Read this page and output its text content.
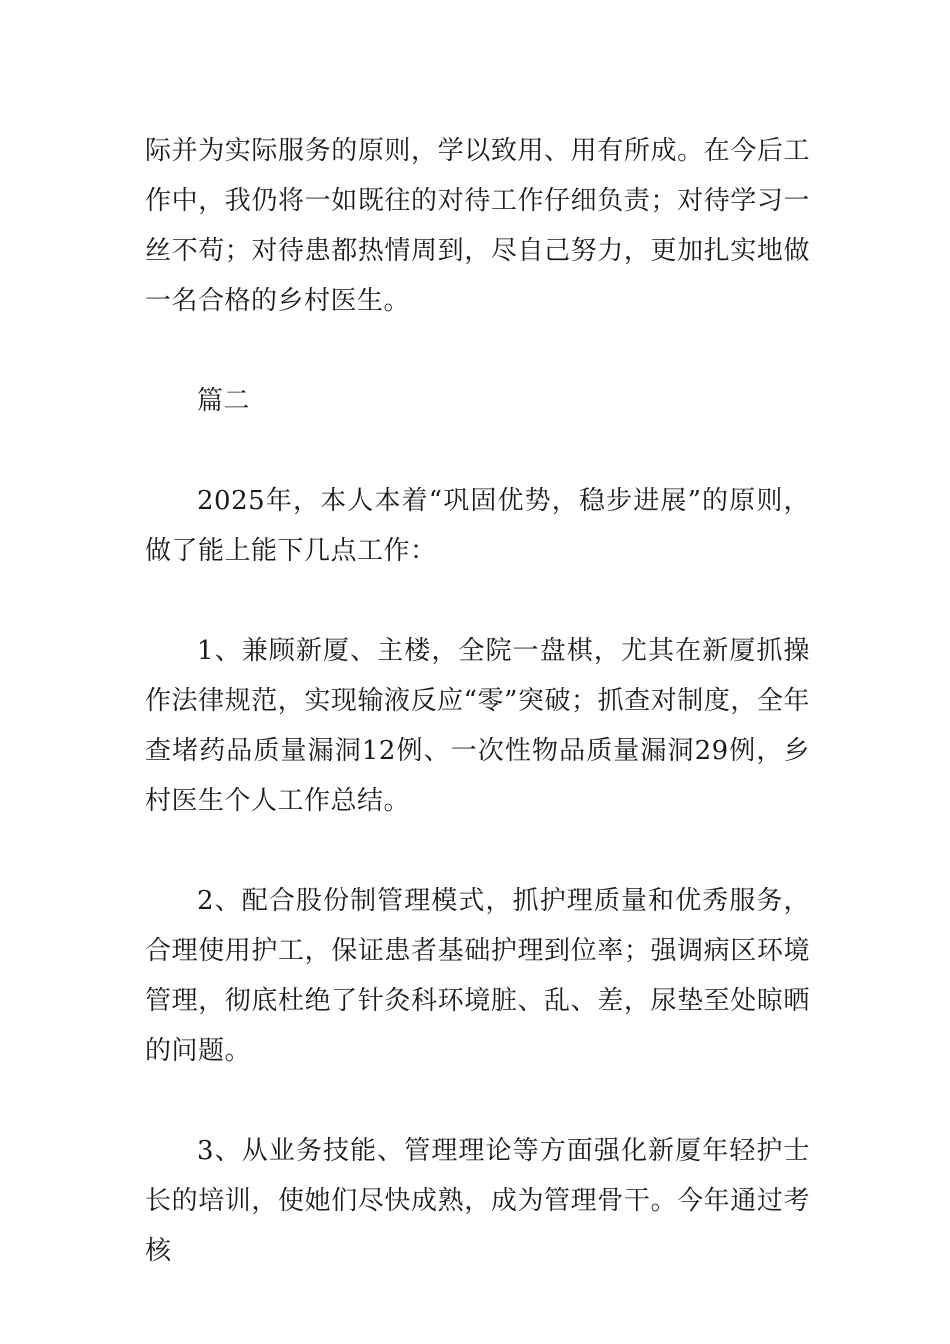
际并为实际服务的原则，学以致用、用有所成。在今后工作中，我仍将一如既往的对待工作仔细负责；对待学习一丝不苟；对待患都热情周到，尽自己努力，更加扎实地做一名合格的乡村医生。

篇二

2025年，本人本着“巩固优势，稳步进展”的原则，做了能上能下几点工作：

1、兼顾新厦、主楼，全院一盘棋，尤其在新厦抓操作法律规范，实现输液反应“零”突破；抓查对制度，全年查堵药品质量漏洞12例、一次性物品质量漏洞29例，乡村医生个人工作总结。

2、配合股份制管理模式，抓护理质量和优秀服务，合理使用护工，保证患者基础护理到位率；强调病区环境管理，彻底杜绝了针灸科环境脏、乱、差，尿垫至处晾晒的问题。

3、从业务技能、管理理论等方面强化新厦年轻护士长的培训，使她们尽快成熟，成为管理骨干。今年通过考核
